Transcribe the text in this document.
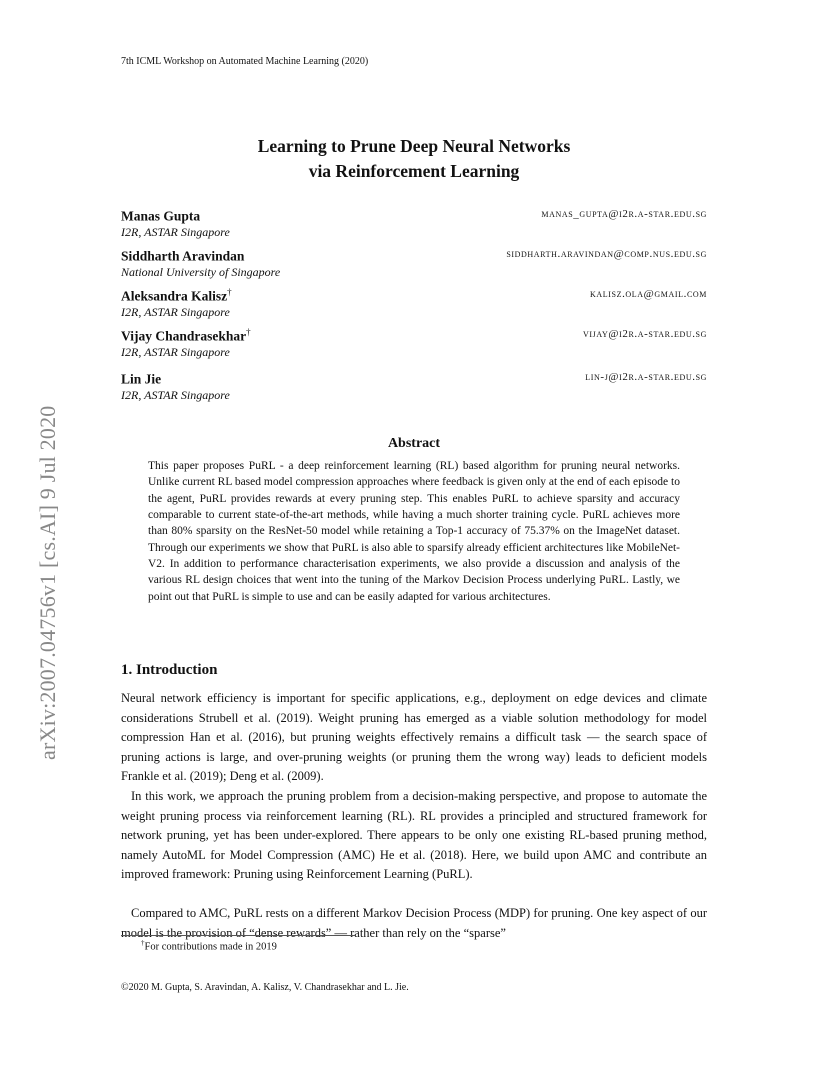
7th ICML Workshop on Automated Machine Learning (2020)
Learning to Prune Deep Neural Networks
via Reinforcement Learning
Manas Gupta
I2R, ASTAR Singapore
manas_gupta@i2r.a-star.edu.sg
Siddharth Aravindan
National University of Singapore
siddharth.aravindan@comp.nus.edu.sg
Aleksandra Kalisz†
I2R, ASTAR Singapore
kalisz.ola@gmail.com
Vijay Chandrasekhar†
I2R, ASTAR Singapore
vijay@i2r.a-star.edu.sg
Lin Jie
I2R, ASTAR Singapore
lin-j@i2r.a-star.edu.sg
Abstract
This paper proposes PuRL - a deep reinforcement learning (RL) based algorithm for pruning neural networks. Unlike current RL based model compression approaches where feedback is given only at the end of each episode to the agent, PuRL provides rewards at every pruning step. This enables PuRL to achieve sparsity and accuracy comparable to current state-of-the-art methods, while having a much shorter training cycle. PuRL achieves more than 80% sparsity on the ResNet-50 model while retaining a Top-1 accuracy of 75.37% on the ImageNet dataset. Through our experiments we show that PuRL is also able to sparsify already efficient architectures like MobileNet-V2. In addition to performance characterisation experiments, we also provide a discussion and analysis of the various RL design choices that went into the tuning of the Markov Decision Process underlying PuRL. Lastly, we point out that PuRL is simple to use and can be easily adapted for various architectures.
1. Introduction
Neural network efficiency is important for specific applications, e.g., deployment on edge devices and climate considerations Strubell et al. (2019). Weight pruning has emerged as a viable solution methodology for model compression Han et al. (2016), but pruning weights effectively remains a difficult task — the search space of pruning actions is large, and over-pruning weights (or pruning them the wrong way) leads to deficient models Frankle et al. (2019); Deng et al. (2009).
In this work, we approach the pruning problem from a decision-making perspective, and propose to automate the weight pruning process via reinforcement learning (RL). RL provides a principled and structured framework for network pruning, yet has been under-explored. There appears to be only one existing RL-based pruning method, namely AutoML for Model Compression (AMC) He et al. (2018). Here, we build upon AMC and contribute an improved framework: Pruning using Reinforcement Learning (PuRL).
Compared to AMC, PuRL rests on a different Markov Decision Process (MDP) for pruning. One key aspect of our model is the provision of “dense rewards” — rather than rely on the “sparse”
†For contributions made in 2019
©2020 M. Gupta, S. Aravindan, A. Kalisz, V. Chandrasekhar and L. Jie.
arXiv:2007.04756v1 [cs.AI] 9 Jul 2020
